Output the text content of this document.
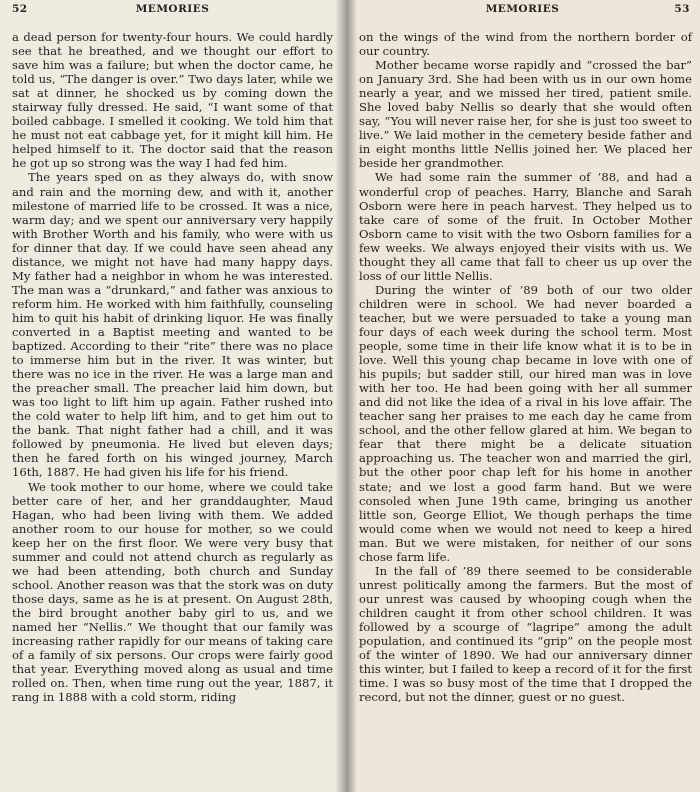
52	MEMORIES

a dead person for twenty-four hours. We could hardly see that he breathed, and we thought our effort to save him was a failure; but when the doctor came, he told us, “The danger is over.” Two days later, while we sat at dinner, he shocked us by coming down the stairway fully dressed. He said, “I want some of that boiled cabbage. I smelled it cooking. We told him that he must not eat cabbage yet, for it might kill him. He helped himself to it. The doctor said that the reason he got up so strong was the way I had fed him.

The years sped on as they always do, with snow and rain and the morning dew, and with it, another milestone of married life to be crossed. It was a nice, warm day; and we spent our anniversary very happily with Brother Worth and his family, who were with us for dinner that day. If we could have seen ahead any distance, we might not have had many happy days. My father had a neighbor in whom he was interested. The man was a “drunkard,” and father was anxious to reform him. He worked with him faithfully, counseling him to quit his habit of drinking liquor. He was finally converted in a Baptist meeting and wanted to be baptized. According to their “rite” there was no place to immerse him but in the river. It was winter, but there was no ice in the river. He was a large man and the preacher small. The preacher laid him down, but was too light to lift him up again. Father rushed into the cold water to help lift him, and to get him out to the bank. That night father had a chill, and it was followed by pneumonia. He lived but eleven days; then he fared forth on his winged journey, March 16th, 1887. He had given his life for his friend.

We took mother to our home, where we could take better care of her, and her granddaughter, Maud Hagan, who had been living with them. We added another room to our house for mother, so we could keep her on the first floor. We were very busy that summer and could not attend church as regularly as we had been attending, both church and Sunday school. Another reason was that the stork was on duty those days, same as he is at present. On August 28th, the bird brought another baby girl to us, and we named her “Nellis.” We thought that our family was increasing rather rapidly for our means of taking care of a family of six persons. Our crops were fairly good that year. Everything moved along as usual and time rolled on. Then, when time rung out the year, 1887, it rang in 1888 with a cold storm, riding

MEMORIES	53

on the wings of the wind from the northern border of our country.

Mother became worse rapidly and “crossed the bar” on January 3rd. She had been with us in our own home nearly a year, and we missed her tired, patient smile. She loved baby Nellis so dearly that she would often say, “You will never raise her, for she is just too sweet to live.” We laid mother in the cemetery beside father and in eight months little Nellis joined her. We placed her beside her grandmother.

We had some rain the summer of ’88, and had a wonderful crop of peaches. Harry, Blanche and Sarah Osborn were here in peach harvest. They helped us to take care of some of the fruit. In October Mother Osborn came to visit with the two Osborn families for a few weeks. We always enjoyed their visits with us. We thought they all came that fall to cheer us up over the loss of our little Nellis.

During the winter of ’89 both of our two older children were in school. We had never boarded a teacher, but we were persuaded to take a young man four days of each week during the school term. Most people, some time in their life know what it is to be in love. Well this young chap became in love with one of his pupils; but sadder still, our hired man was in love with her too. He had been going with her all summer and did not like the idea of a rival in his love affair. The teacher sang her praises to me each day he came from school, and the other fellow glared at him. We began to fear that there might be a delicate situation approaching us. The teacher won and married the girl, but the other poor chap left for his home in another state; and we lost a good farm hand. But we were consoled when June 19th came, bringing us another little son, George Elliot, We though perhaps the time would come when we would not need to keep a hired man. But we were mistaken, for neither of our sons chose farm life.

In the fall of ’89 there seemed to be considerable unrest politically among the farmers. But the most of our unrest was caused by whooping cough when the children caught it from other school children. It was followed by a scourge of “lagripe” among the adult population, and continued its “grip” on the people most of the winter of 1890. We had our anniversary dinner this winter, but I failed to keep a record of it for the first time. I was so busy most of the time that I dropped the record, but not the dinner, guest or no guest.
